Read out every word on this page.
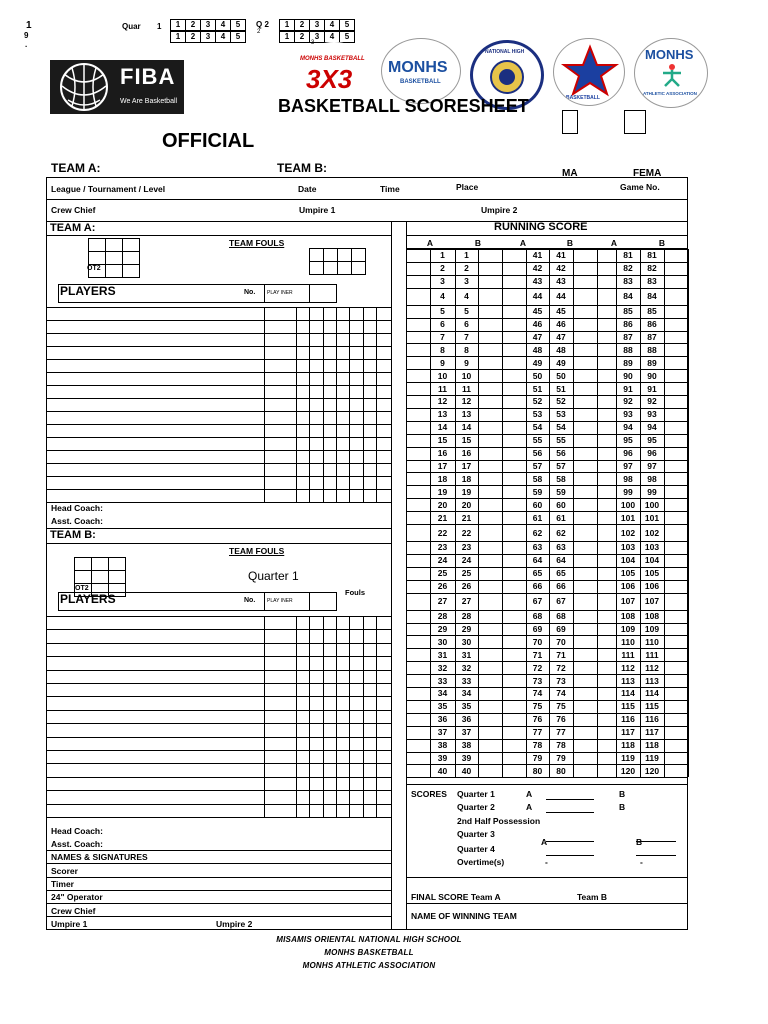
1
9
.
Quar 1	1	2	3	4	5
1	2	3	4	5
Q 2
2
1	2	3	4	5
1	2	3	4	5
3
FIBA
We Are Basketball
MONHS BASKETBALL
3X3 MONHS
BASKETBALL
NATIONAL HIGH
BASKETBALL
MONHS
ATHLETIC ASSOCIATION
BASKETBALL SCORESHEET
OFFICIAL
TEAM A:	TEAM B:	MA	FEMA
League / Tournament / Level	Date	Time	Place	Game No.
Crew Chief	Umpire 1	Umpire 2
TEAM A:
TEAM FOULS
OT2
PLAYERS	No. PLAY INER
Head Coach:
Asst. Coach:
TEAM B:
TEAM FOULS
Quarter 1
Fouls
OT2
PLAYERS	No. PLAY INER
Head Coach:
Asst. Coach:
NAMES & SIGNATURES
Scorer
Timer
24" Operator
Crew Chief
Umpire 1	Umpire 2
RUNNING SCORE
A	B	A	B	A	B
1	1	41	41	81	81
2	2	42	42	82	82
3	3	43	43	83	83
4	4	44	44	84	84
5	5	45	45	85	85
6	6	46	46	86	86
7	7	47	47	87	87
8	8	48	48	88	88
9	9	49	49	89	89
10	10	50	50	90	90
11	11	51	51	91	91
12	12	52	52	92	92
13	13	53	53	93	93
14	14	54	54	94	94
15	15	55	55	95	95
16	16	56	56	96	96
17	17	57	57	97	97
18	18	58	58	98	98
19	19	59	59	99	99
20	20	60	60	100	100
21	21	61	61	101	101
22	22	62	62	102	102
23	23	63	63	103	103
24	24	64	64	104	104
25	25	65	65	105	105
26	26	66	66	106	106
27	27	67	67	107	107
28	28	68	68	108	108
29	29	69	69	109	109
30	30	70	70	110	110
31	31	71	71	111	111
32	32	72	72	112	112
33	33	73	73	113	113
34	34	74	74	114	114
35	35	75	75	115	115
36	36	76	76	116	116
37	37	77	77	117	117
38	38	78	78	118	118
39	39	79	79	119	119
40	40	80	80	120	120
SCORES Quarter 1	A	B
Quarter 2	A	B
2nd Half Possession
Quarter 3
A	B
Quarter 4
Overtime(s)	-	-
FINAL SCORE Team A	Team B
NAME OF WINNING TEAM
MISAMIS ORIENTAL NATIONAL HIGH SCHOOL
MONHS BASKETBALL
MONHS ATHLETIC ASSOCIATION
